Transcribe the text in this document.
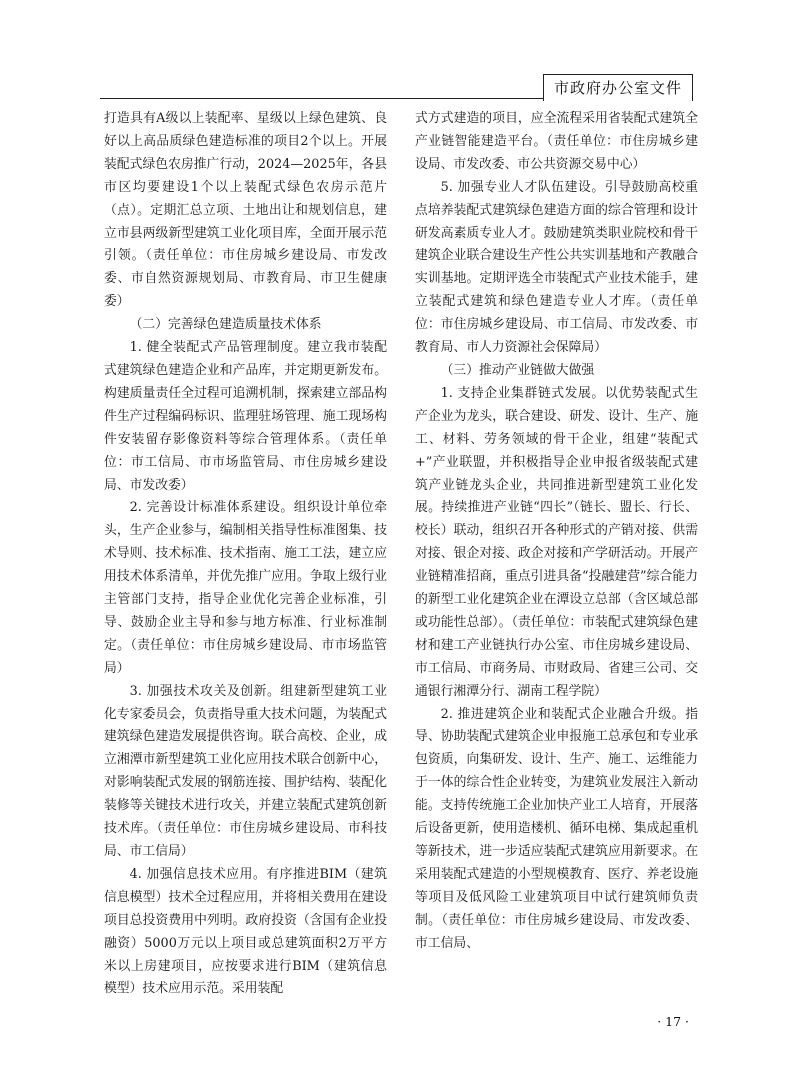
市政府办公室文件

打造具有A级以上装配率、星级以上绿色建筑、良好以上高品质绿色建造标准的项目2个以上。开展装配式绿色农房推广行动，2024—2025年，各县市区均要建设1个以上装配式绿色农房示范片（点）。定期汇总立项、土地出让和规划信息，建立市县两级新型建筑工业化项目库，全面开展示范引领。（责任单位：市住房城乡建设局、市发改委、市自然资源规划局、市教育局、市卫生健康委）

（二）完善绿色建造质量技术体系

1. 健全装配式产品管理制度。建立我市装配式建筑绿色建造企业和产品库，并定期更新发布。构建质量责任全过程可追溯机制，探索建立部品构件生产过程编码标识、监理驻场管理、施工现场构件安装留存影像资料等综合管理体系。（责任单位：市工信局、市市场监管局、市住房城乡建设局、市发改委）

2. 完善设计标准体系建设。组织设计单位牵头，生产企业参与，编制相关指导性标准图集、技术导则、技术标准、技术指南、施工工法，建立应用技术体系清单，并优先推广应用。争取上级行业主管部门支持，指导企业优化完善企业标准，引导、鼓励企业主导和参与地方标准、行业标准制定。（责任单位：市住房城乡建设局、市市场监管局）

3. 加强技术攻关及创新。组建新型建筑工业化专家委员会，负责指导重大技术问题，为装配式建筑绿色建造发展提供咨询。联合高校、企业，成立湘潭市新型建筑工业化应用技术联合创新中心，对影响装配式发展的钢筋连接、围护结构、装配化装修等关键技术进行攻关，并建立装配式建筑创新技术库。（责任单位：市住房城乡建设局、市科技局、市工信局）

4. 加强信息技术应用。有序推进BIM（建筑信息模型）技术全过程应用，并将相关费用在建设项目总投资费用中列明。政府投资（含国有企业投融资）5000万元以上项目或总建筑面积2万平方米以上房建项目，应按要求进行BIM（建筑信息模型）技术应用示范。采用装配

式方式建造的项目，应全流程采用省装配式建筑全产业链智能建造平台。（责任单位：市住房城乡建设局、市发改委、市公共资源交易中心）

5. 加强专业人才队伍建设。引导鼓励高校重点培养装配式建筑绿色建造方面的综合管理和设计研发高素质专业人才。鼓励建筑类职业院校和骨干建筑企业联合建设生产性公共实训基地和产教融合实训基地。定期评选全市装配式产业技术能手，建立装配式建筑和绿色建造专业人才库。（责任单位：市住房城乡建设局、市工信局、市发改委、市教育局、市人力资源社会保障局）

（三）推动产业链做大做强

1. 支持企业集群链式发展。以优势装配式生产企业为龙头，联合建设、研发、设计、生产、施工、材料、劳务领域的骨干企业，组建“装配式+”产业联盟，并积极指导企业申报省级装配式建筑产业链龙头企业，共同推进新型建筑工业化发展。持续推进产业链“四长”（链长、盟长、行长、校长）联动，组织召开各种形式的产销对接、供需对接、银企对接、政企对接和产学研活动。开展产业链精准招商，重点引进具备“投融建营”综合能力的新型工业化建筑企业在潭设立总部（含区域总部或功能性总部）。（责任单位：市装配式建筑绿色建材和建工产业链执行办公室、市住房城乡建设局、市工信局、市商务局、市财政局、省建三公司、交通银行湘潭分行、湖南工程学院）

2. 推进建筑企业和装配式企业融合升级。指导、协助装配式建筑企业申报施工总承包和专业承包资质，向集研发、设计、生产、施工、运维能力于一体的综合性企业转变，为建筑业发展注入新动能。支持传统施工企业加快产业工人培育，开展落后设备更新，使用造楼机、循环电梯、集成起重机等新技术，进一步适应装配式建筑应用新要求。在采用装配式建造的小型规模教育、医疗、养老设施等项目及低风险工业建筑项目中试行建筑师负责制。（责任单位：市住房城乡建设局、市发改委、市工信局、

· 17 ·
